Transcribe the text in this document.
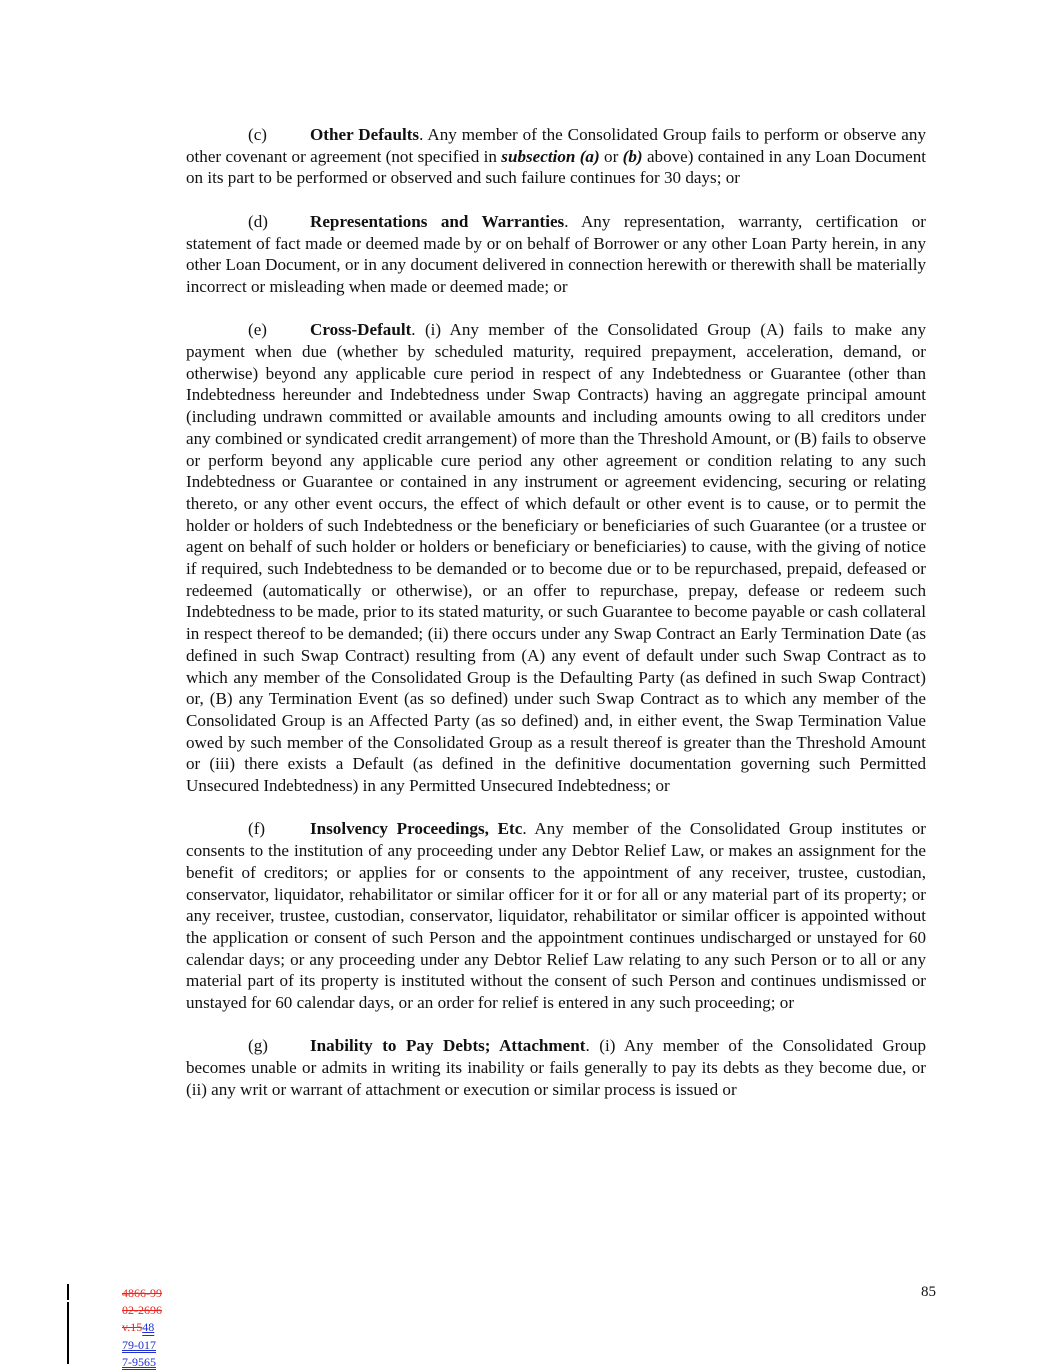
(c)	Other Defaults. Any member of the Consolidated Group fails to perform or observe any other covenant or agreement (not specified in subsection (a) or (b) above) contained in any Loan Document on its part to be performed or observed and such failure continues for 30 days; or

(d) Representations and Warranties. Any representation, warranty, certification or statement of fact made or deemed made by or on behalf of Borrower or any other Loan Party herein, in any other Loan Document, or in any document delivered in connection herewith or therewith shall be materially incorrect or misleading when made or deemed made; or

(e)	Cross-Default. (i) Any member of the Consolidated Group (A) fails to make any payment when due (whether by scheduled maturity, required prepayment, acceleration, demand, or otherwise) beyond any applicable cure period in respect of any Indebtedness or Guarantee (other than Indebtedness hereunder and Indebtedness under Swap Contracts) having an aggregate principal amount (including undrawn committed or available amounts and including amounts owing to all creditors under any combined or syndicated credit arrangement) of more than the Threshold Amount, or (B) fails to observe or perform beyond any applicable cure period any other agreement or condition relating to any such Indebtedness or Guarantee or contained in any instrument or agreement evidencing, securing or relating thereto, or any other event occurs, the effect of which default or other event is to cause, or to permit the holder or holders of such Indebtedness or the beneficiary or beneficiaries of such Guarantee (or a trustee or agent on behalf of such holder or holders or beneficiary or beneficiaries) to cause, with the giving of notice if required, such Indebtedness to be demanded or to become due or to be repurchased, prepaid, defeased or redeemed (automatically or otherwise), or an offer to repurchase, prepay, defease or redeem such Indebtedness to be made, prior to its stated maturity, or such Guarantee to become payable or cash collateral in respect thereof to be demanded; (ii) there occurs under any Swap Contract an Early Termination Date (as defined in such Swap Contract) resulting from (A) any event of default under such Swap Contract as to which any member of the Consolidated Group is the Defaulting Party (as defined in such Swap Contract) or, (B) any Termination Event (as so defined) under such Swap Contract as to which any member of the Consolidated Group is an Affected Party (as so defined) and, in either event, the Swap Termination Value owed by such member of the Consolidated Group as a result thereof is greater than the Threshold Amount or (iii) there exists a Default (as defined in the definitive documentation governing such Permitted Unsecured Indebtedness) in any Permitted Unsecured Indebtedness; or

(f)	Insolvency Proceedings, Etc. Any member of the Consolidated Group institutes or consents to the institution of any proceeding under any Debtor Relief Law, or makes an assignment for the benefit of creditors; or applies for or consents to the appointment of any receiver, trustee, custodian, conservator, liquidator, rehabilitator or similar officer for it or for all or any material part of its property; or any receiver, trustee, custodian, conservator, liquidator, rehabilitator or similar officer is appointed without the application or consent of such Person and the appointment continues undischarged or unstayed for 60 calendar days; or any proceeding under any Debtor Relief Law relating to any such Person or to all or any material part of its property is instituted without the consent of such Person and continues undismissed or unstayed for 60 calendar days, or an order for relief is entered in any such proceeding; or

(g) Inability to Pay Debts; Attachment. (i) Any member of the Consolidated Group becomes unable or admits in writing its inability or fails generally to pay its debts as they become due, or (ii) any writ or warrant of attachment or execution or similar process is issued or

4866-99
02-2696
v.1548
79-017
7-9565
85
